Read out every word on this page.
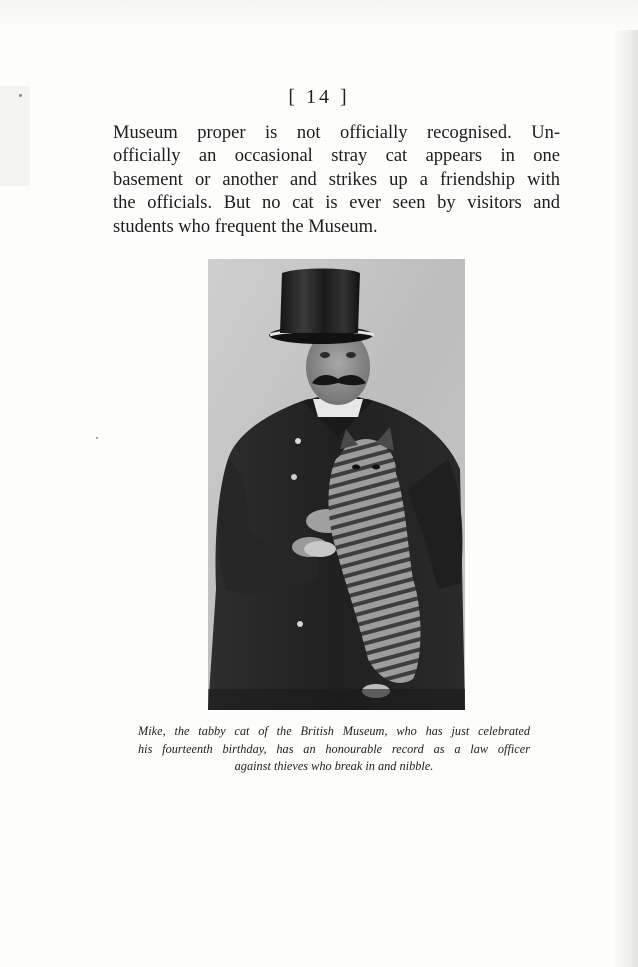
[ 14 ]
Museum proper is not officially recognised. Un-
officially an occasional stray cat appears in one
basement or another and strikes up a friendship with
the officials. But no cat is ever seen by visitors and
students who frequent the Museum.
Mike, the tabby cat of the British Museum, who has just celebrated
his fourteenth birthday, has an honourable record as a law officer
against thieves who break in and nibble.
